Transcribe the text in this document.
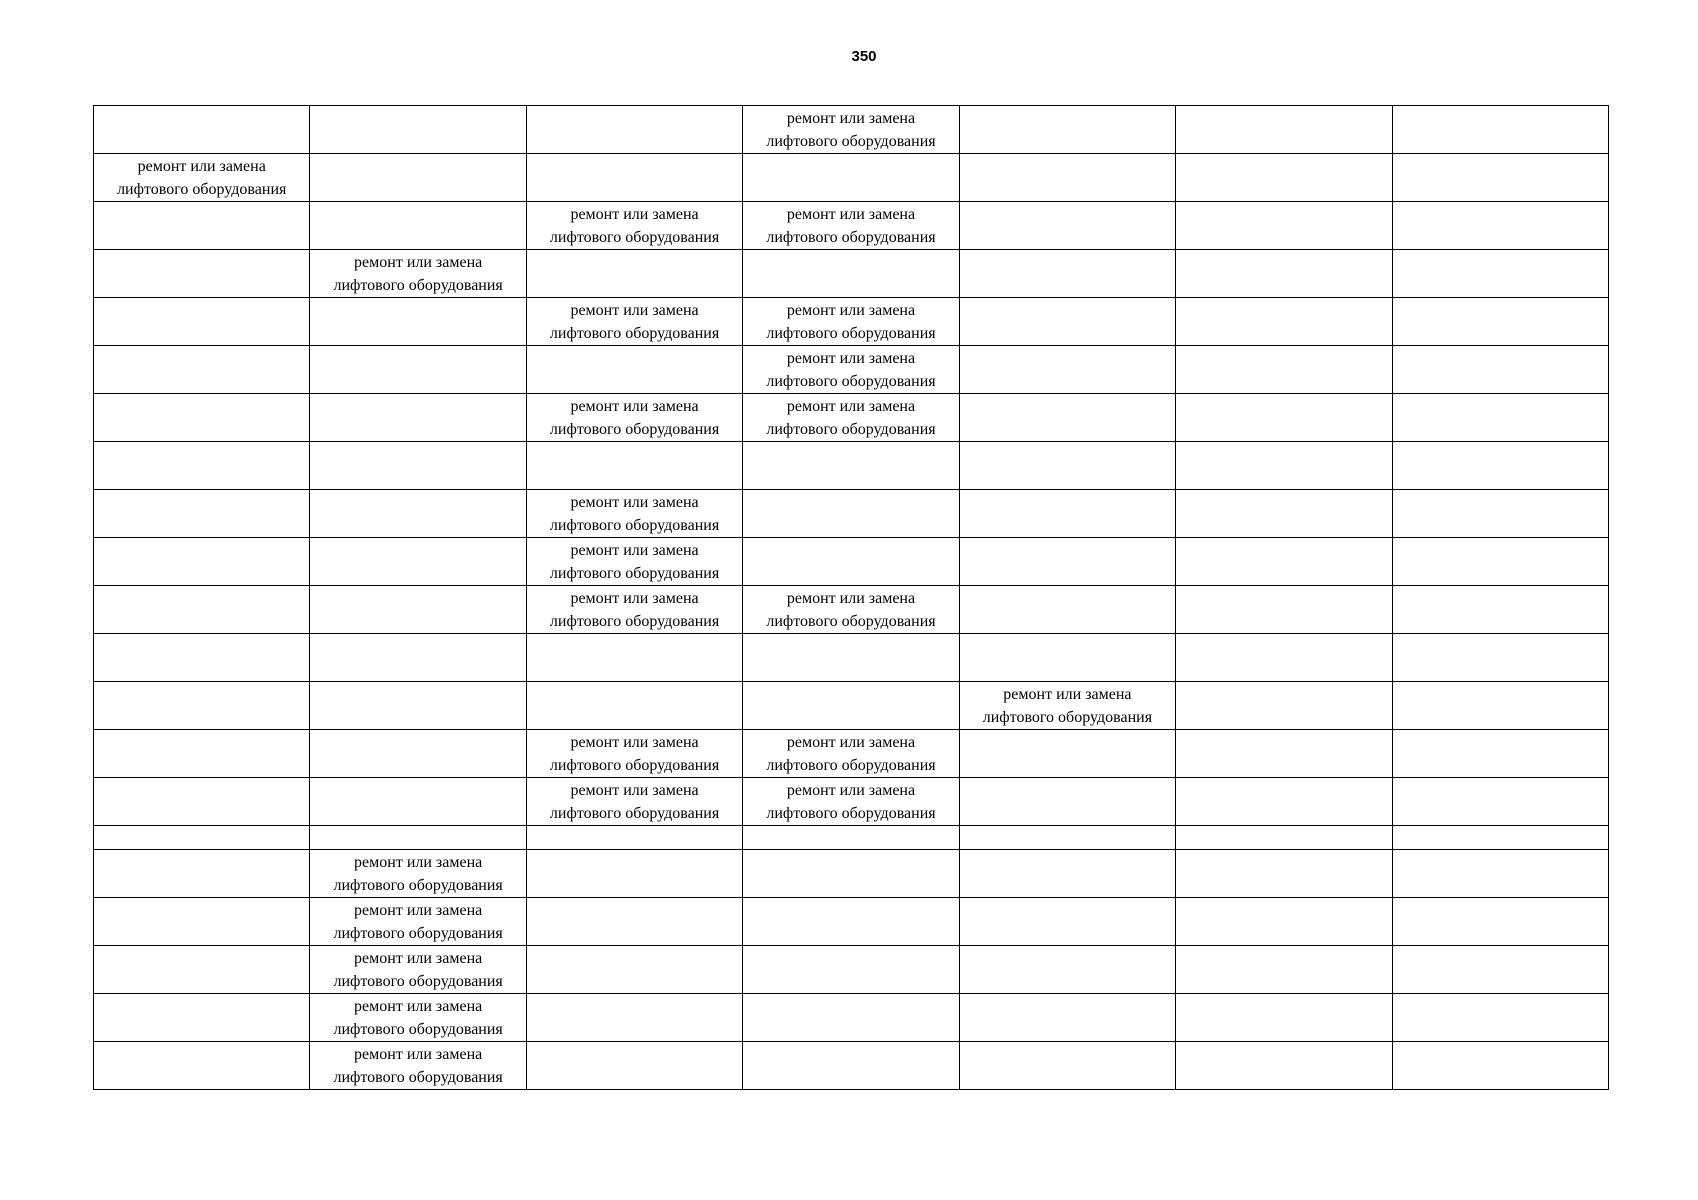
350

			ремонт или замена
лифтового оборудования			

ремонт или замена
лифтового оборудования						

		ремонт или замена
лифтового оборудования	ремонт или замена
лифтового оборудования			

	ремонт или замена
лифтового оборудования					

		ремонт или замена
лифтового оборудования	ремонт или замена
лифтового оборудования			

			ремонт или замена
лифтового оборудования			

		ремонт или замена
лифтового оборудования	ремонт или замена
лифтового оборудования			

		ремонт или замена
лифтового оборудования				

		ремонт или замена
лифтового оборудования				

		ремонт или замена
лифтового оборудования	ремонт или замена
лифтового оборудования			

				ремонт или замена
лифтового оборудования		

		ремонт или замена
лифтового оборудования	ремонт или замена
лифтового оборудования			

		ремонт или замена
лифтового оборудования	ремонт или замена
лифтового оборудования			

	ремонт или замена
лифтового оборудования					

	ремонт или замена
лифтового оборудования					

	ремонт или замена
лифтового оборудования					

	ремонт или замена
лифтового оборудования					

	ремонт или замена
лифтового оборудования					
